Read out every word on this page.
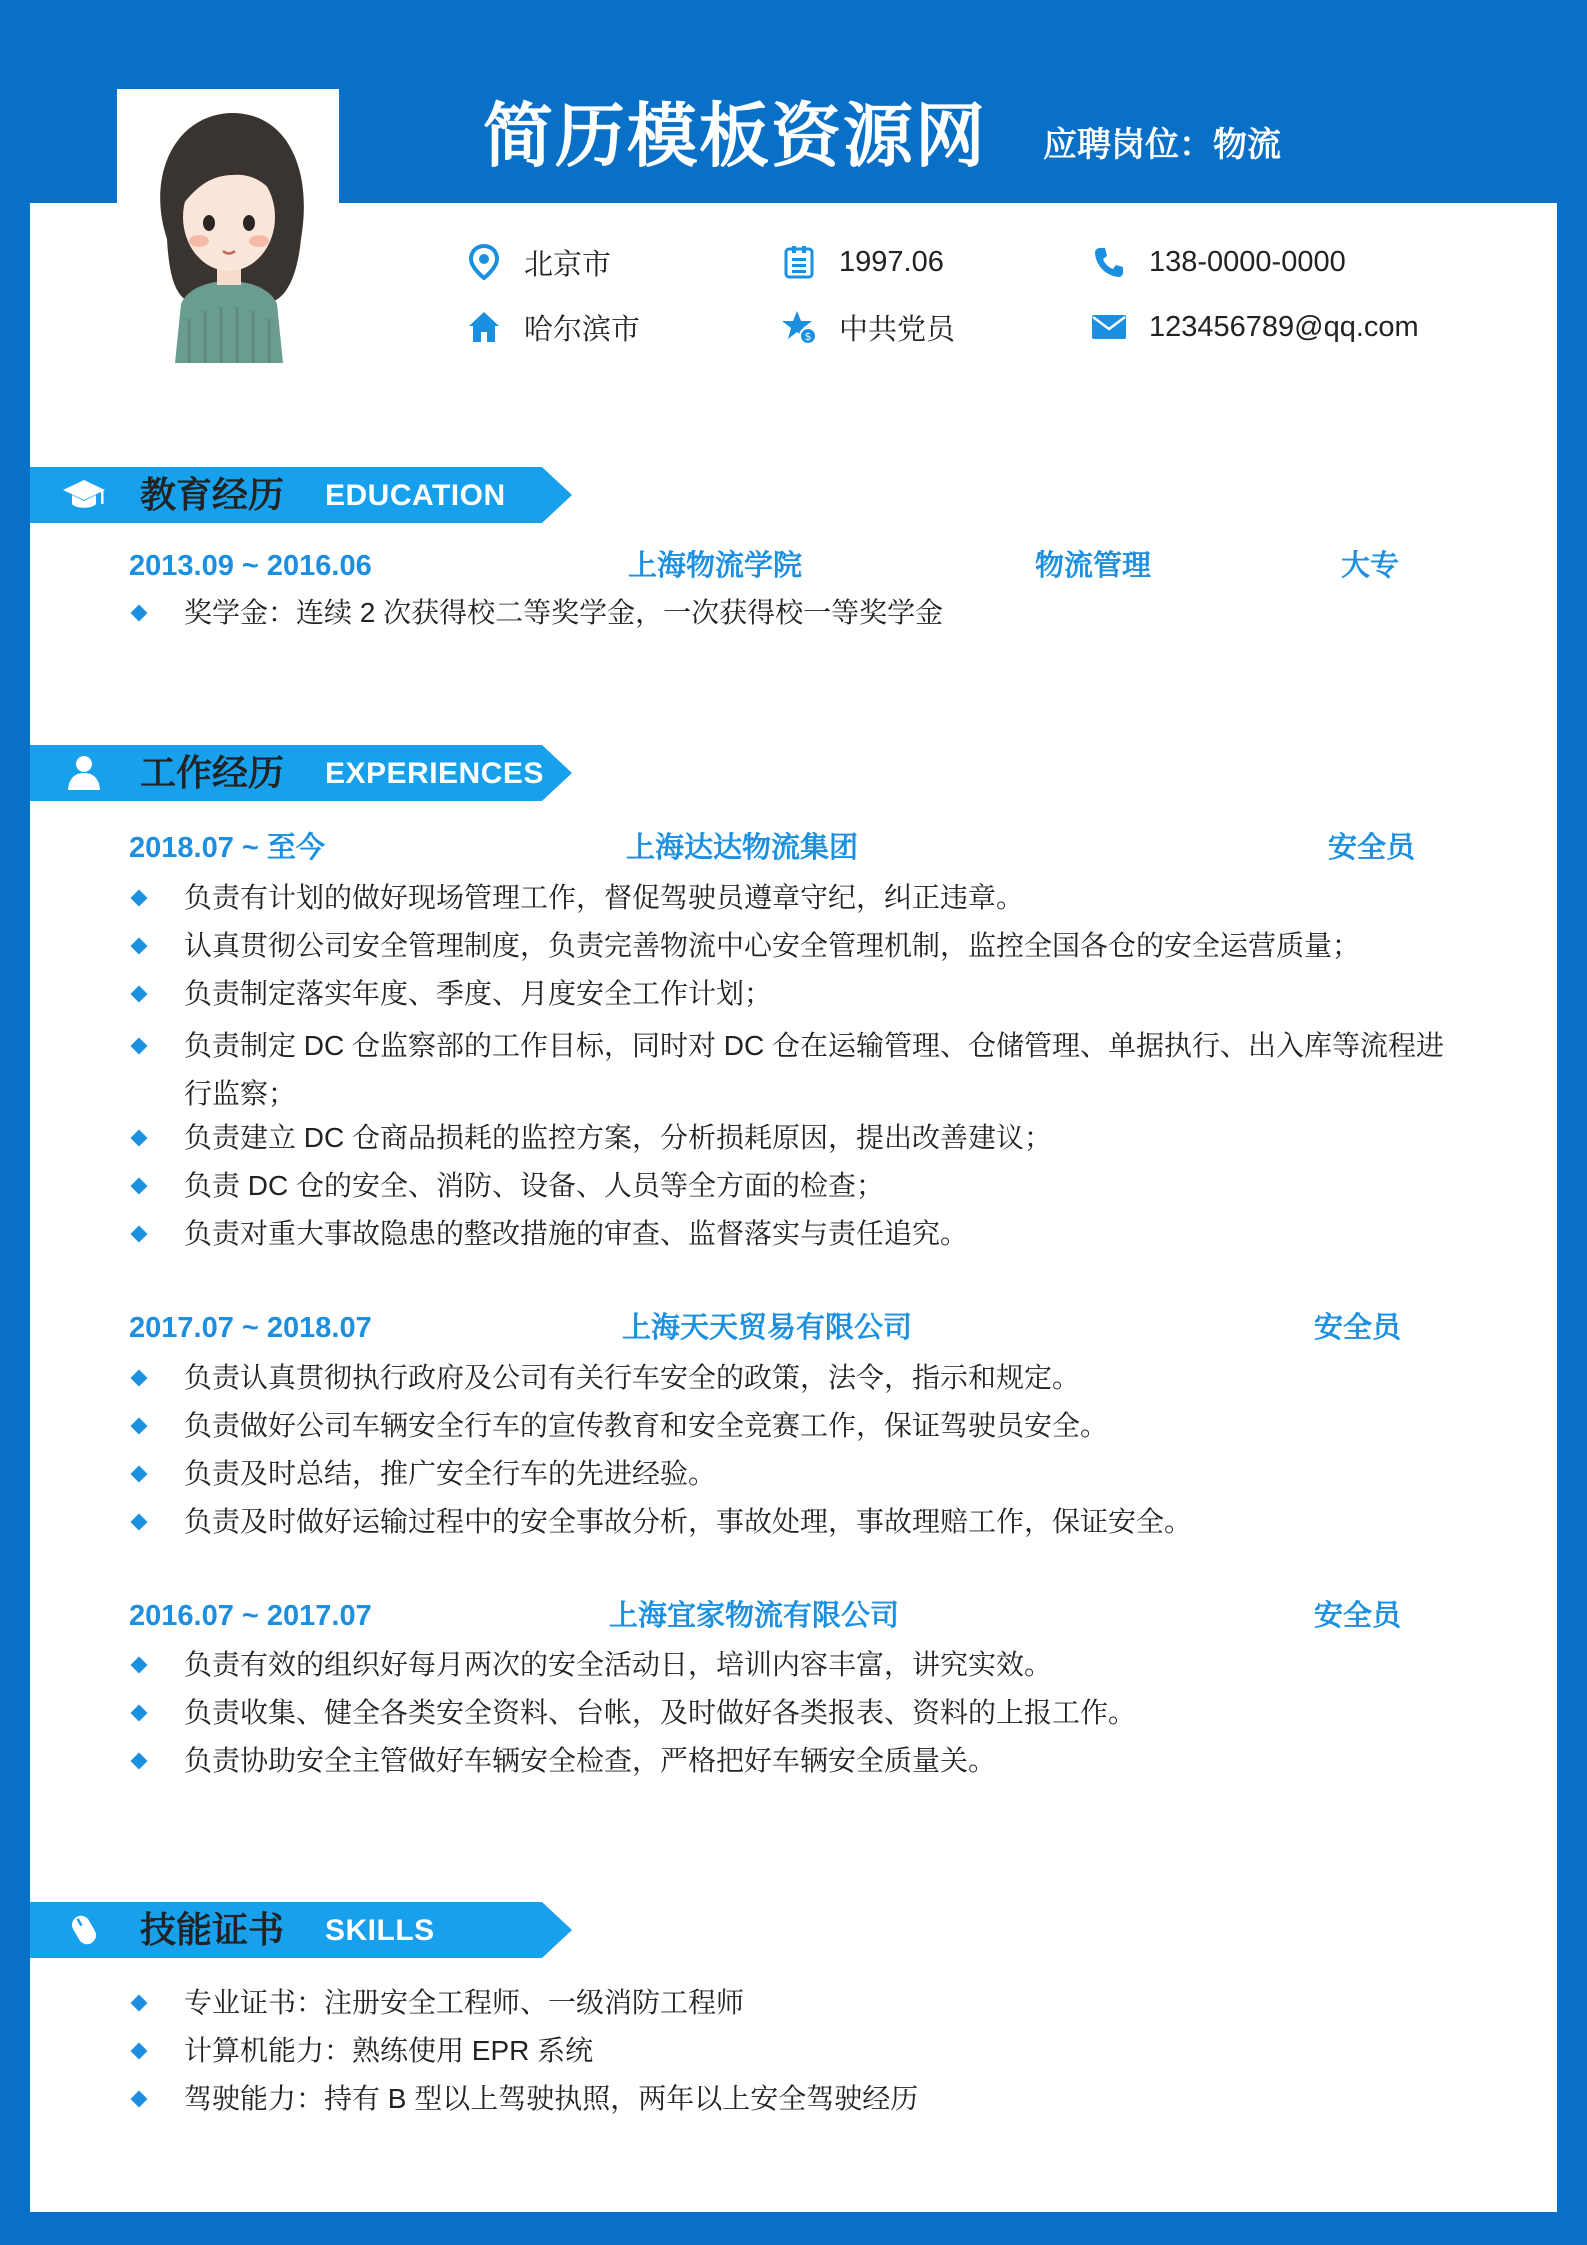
简历模板资源网 应聘岗位：物流
北京市	1997.06	138-0000-0000
哈尔滨市	$ 中共党员	123456789@qq.com
教育经历 EDUCATION
2013.09 ~ 2016.06	上海物流学院	物流管理	大专
奖学金：连续 2 次获得校二等奖学金，一次获得校一等奖学金
工作经历 EXPERIENCES
2018.07 ~ 至今	上海达达物流集团	安全员
负责有计划的做好现场管理工作，督促驾驶员遵章守纪，纠正违章。
认真贯彻公司安全管理制度，负责完善物流中心安全管理机制，监控全国各仓的安全运营质量；
负责制定落实年度、季度、月度安全工作计划；
负责制定 DC 仓监察部的工作目标，同时对 DC 仓在运输管理、仓储管理、单据执行、出入库等流程进行监察；
负责建立 DC 仓商品损耗的监控方案，分析损耗原因，提出改善建议；
负责 DC 仓的安全、消防、设备、人员等全方面的检查；
负责对重大事故隐患的整改措施的审查、监督落实与责任追究。
2017.07 ~ 2018.07	上海天天贸易有限公司	安全员
负责认真贯彻执行政府及公司有关行车安全的政策，法令，指示和规定。
负责做好公司车辆安全行车的宣传教育和安全竞赛工作，保证驾驶员安全。
负责及时总结，推广安全行车的先进经验。
负责及时做好运输过程中的安全事故分析，事故处理，事故理赔工作，保证安全。
2016.07 ~ 2017.07	上海宜家物流有限公司	安全员
负责有效的组织好每月两次的安全活动日，培训内容丰富，讲究实效。
负责收集、健全各类安全资料、台帐，及时做好各类报表、资料的上报工作。
负责协助安全主管做好车辆安全检查，严格把好车辆安全质量关。
技能证书 SKILLS
专业证书：注册安全工程师、一级消防工程师
计算机能力：熟练使用 EPR 系统
驾驶能力：持有 B 型以上驾驶执照，两年以上安全驾驶经历
